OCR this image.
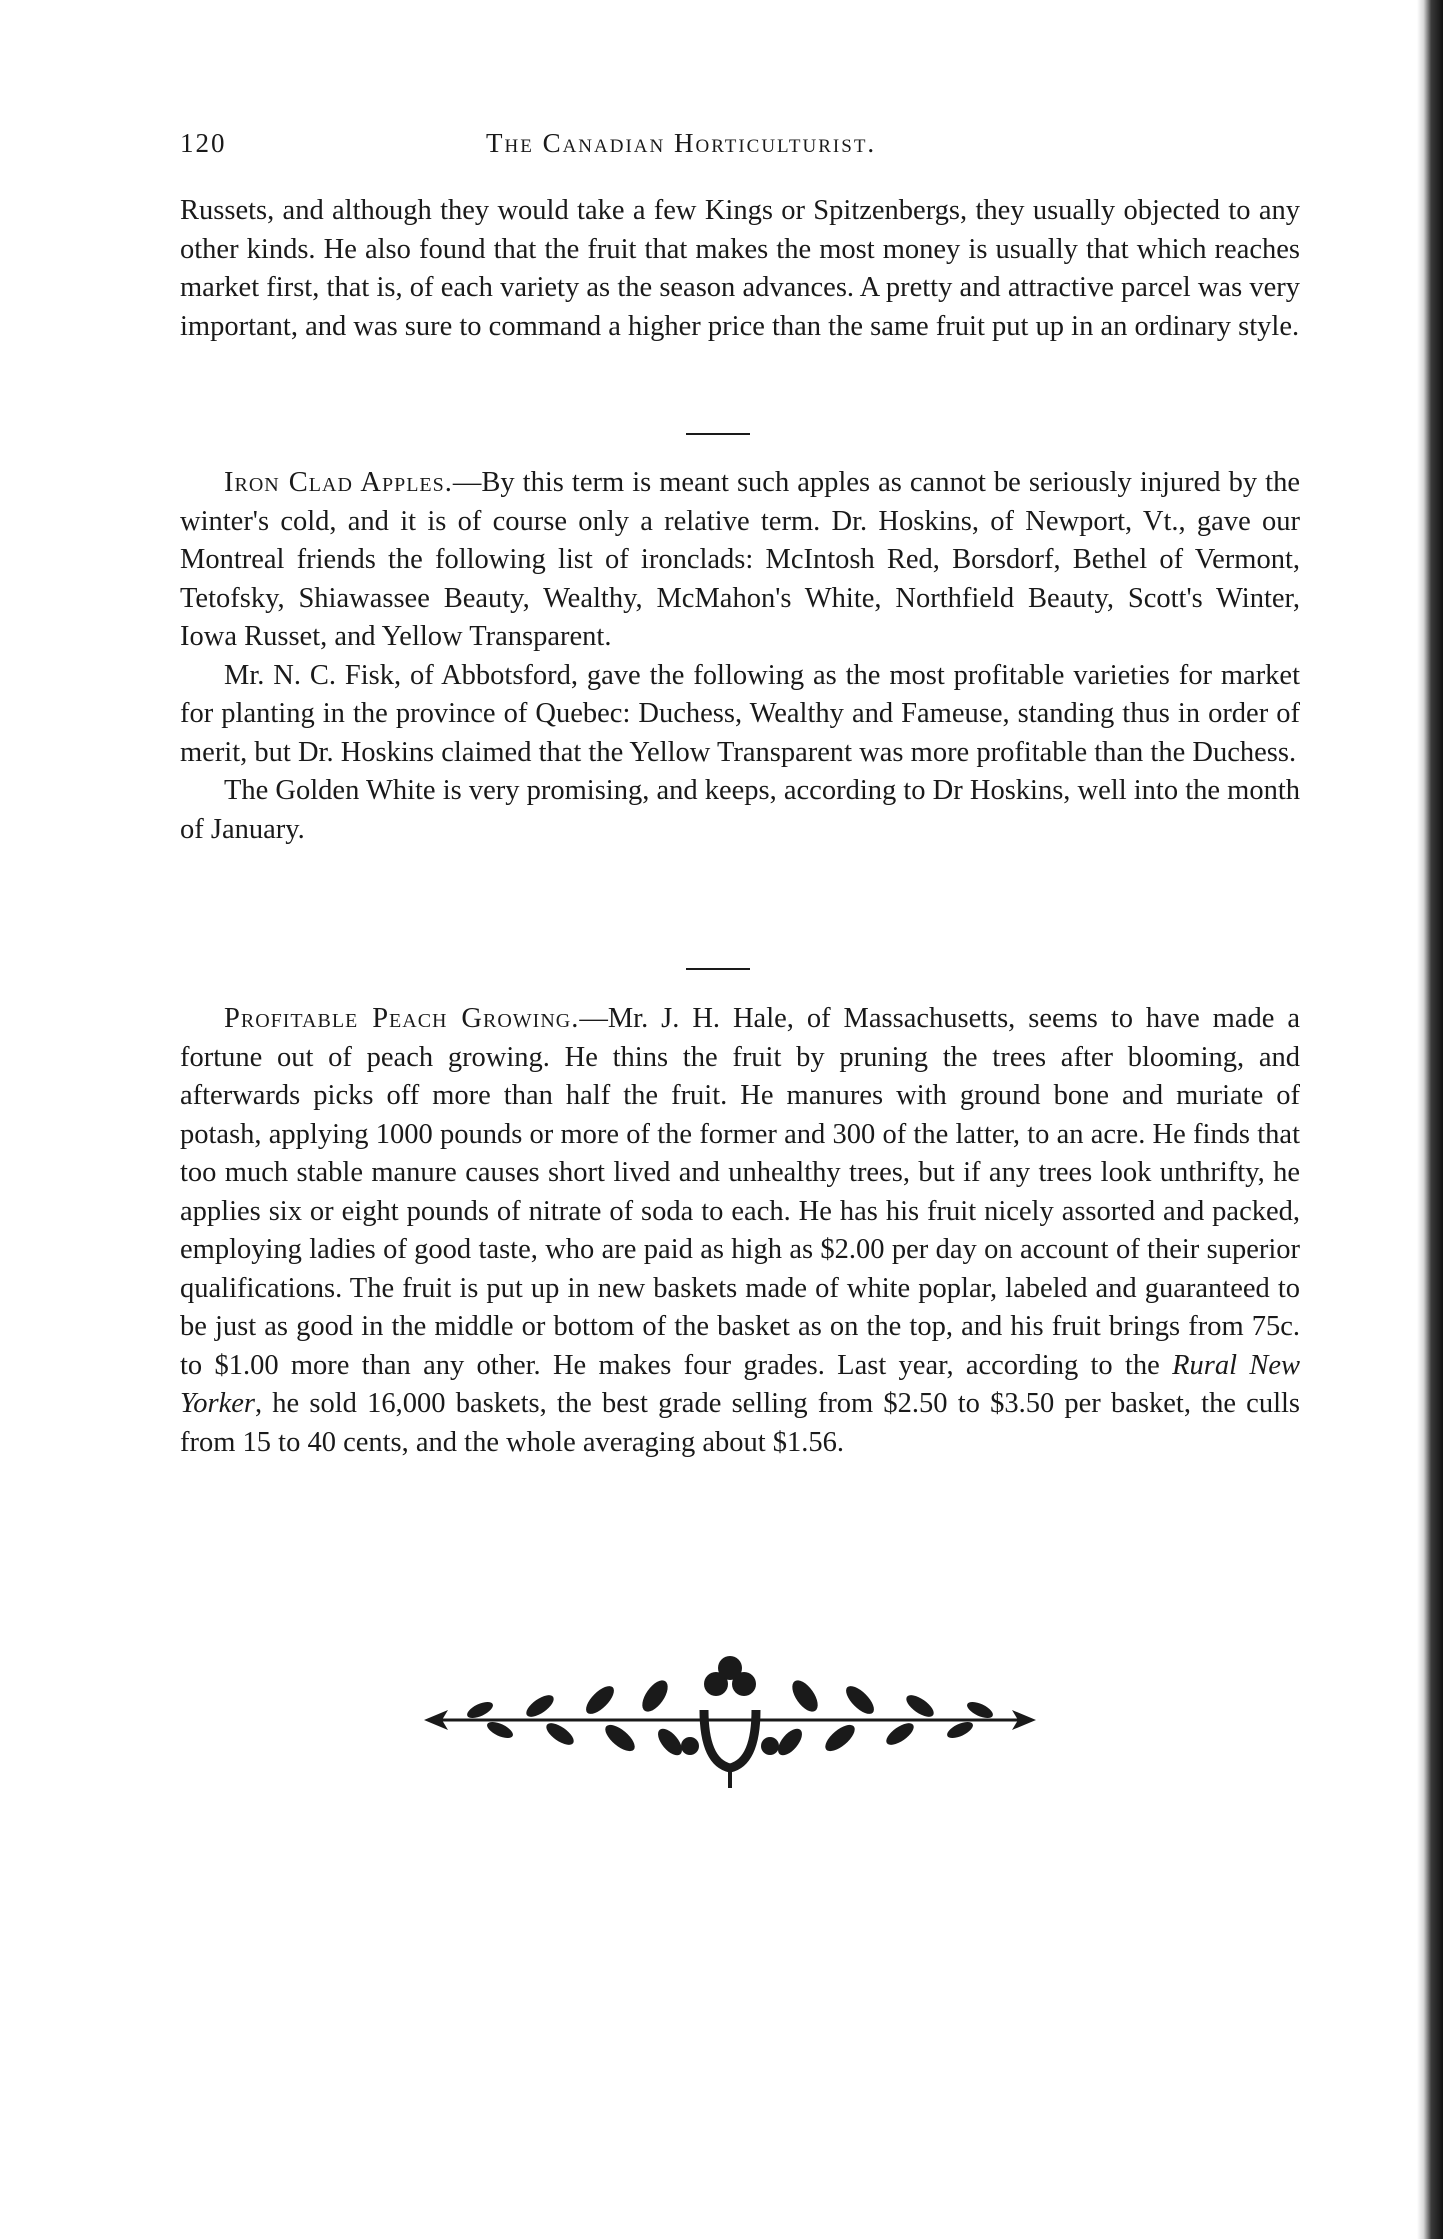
120	The Canadian Horticulturist.

Russets, and although they would take a few Kings or Spitzenbergs, they usually objected to any other kinds. He also found that the fruit that makes the most money is usually that which reaches market first, that is, of each variety as the season advances. A pretty and attractive parcel was very important, and was sure to command a higher price than the same fruit put up in an ordinary style.

Iron Clad Apples.—By this term is meant such apples as cannot be seriously injured by the winter's cold, and it is of course only a relative term. Dr. Hoskins, of Newport, Vt., gave our Montreal friends the following list of ironclads: McIntosh Red, Borsdorf, Bethel of Vermont, Tetofsky, Shiawassee Beauty, Wealthy, McMahon's White, Northfield Beauty, Scott's Winter, Iowa Russet, and Yellow Transparent.

Mr. N. C. Fisk, of Abbotsford, gave the following as the most profitable varieties for market for planting in the province of Quebec: Duchess, Wealthy and Fameuse, standing thus in order of merit, but Dr. Hoskins claimed that the Yellow Transparent was more profitable than the Duchess.

The Golden White is very promising, and keeps, according to Dr Hoskins, well into the month of January.

Profitable Peach Growing.—Mr. J. H. Hale, of Massachusetts, seems to have made a fortune out of peach growing. He thins the fruit by pruning the trees after blooming, and afterwards picks off more than half the fruit. He manures with ground bone and muriate of potash, applying 1000 pounds or more of the former and 300 of the latter, to an acre. He finds that too much stable manure causes short lived and unhealthy trees, but if any trees look unthrifty, he applies six or eight pounds of nitrate of soda to each. He has his fruit nicely assorted and packed, employing ladies of good taste, who are paid as high as $2.00 per day on account of their superior qualifications. The fruit is put up in new baskets made of white poplar, labeled and guaranteed to be just as good in the middle or bottom of the basket as on the top, and his fruit brings from 75c. to $1.00 more than any other. He makes four grades. Last year, according to the Rural New Yorker, he sold 16,000 baskets, the best grade selling from $2.50 to $3.50 per basket, the culls from 15 to 40 cents, and the whole averaging about $1.56.
